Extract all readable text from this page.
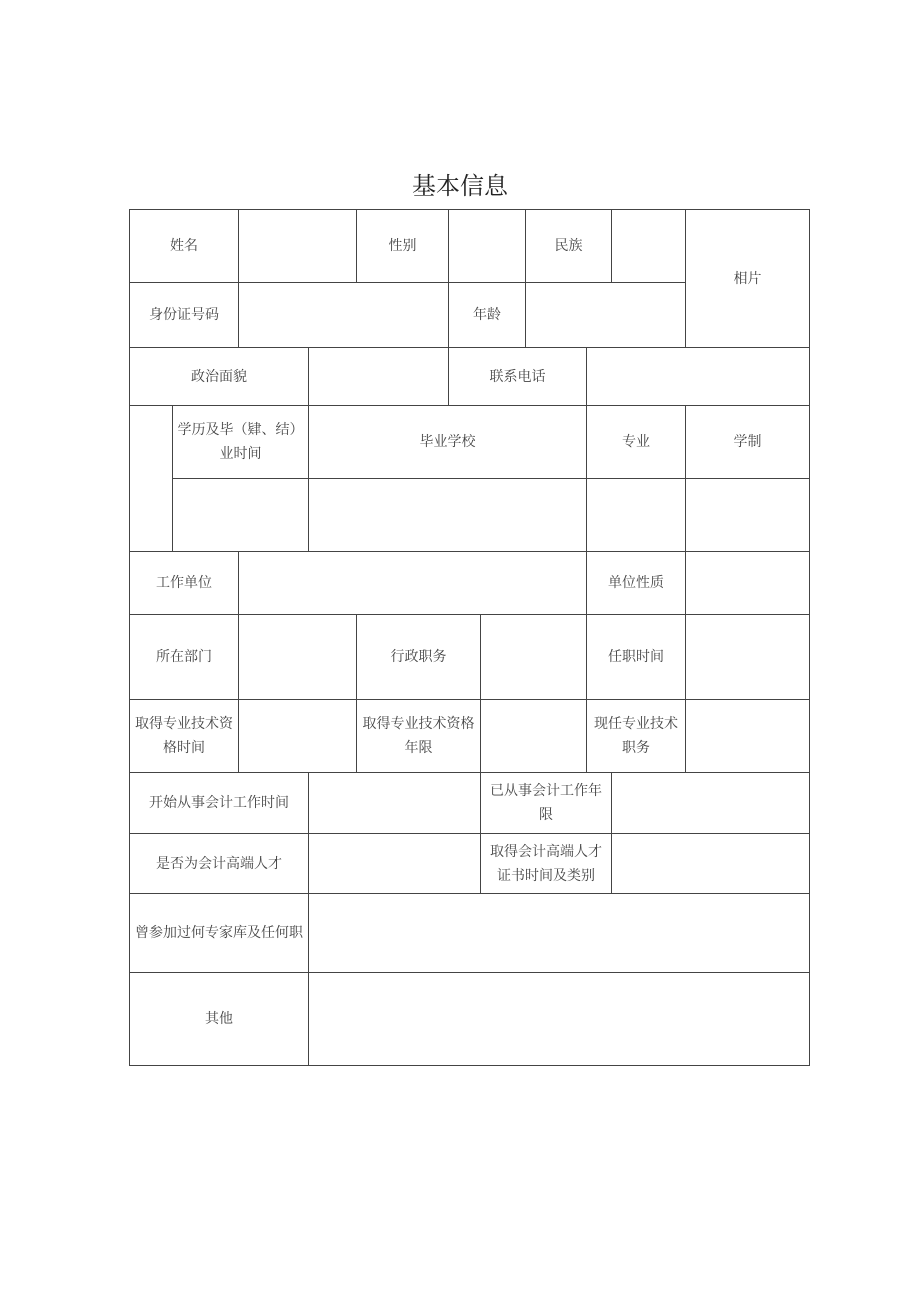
基本信息
姓名				性别			民族			相片
身份证号码					年龄					
政治面貌					联系电话					
	学历及毕（肄、结）业时间		毕业学校					专业		学制

工作单位								单位性质		
所在部门				行政职务				任职时间		
取得专业技术资格时间				取得专业技术资格年限				现任专业技术职务		
开始从事会计工作时间						已从事会计工作年限				
是否为会计高端人才						取得会计高端人才证书时间及类别				
曾参加过何专家库及任何职										
其他										
